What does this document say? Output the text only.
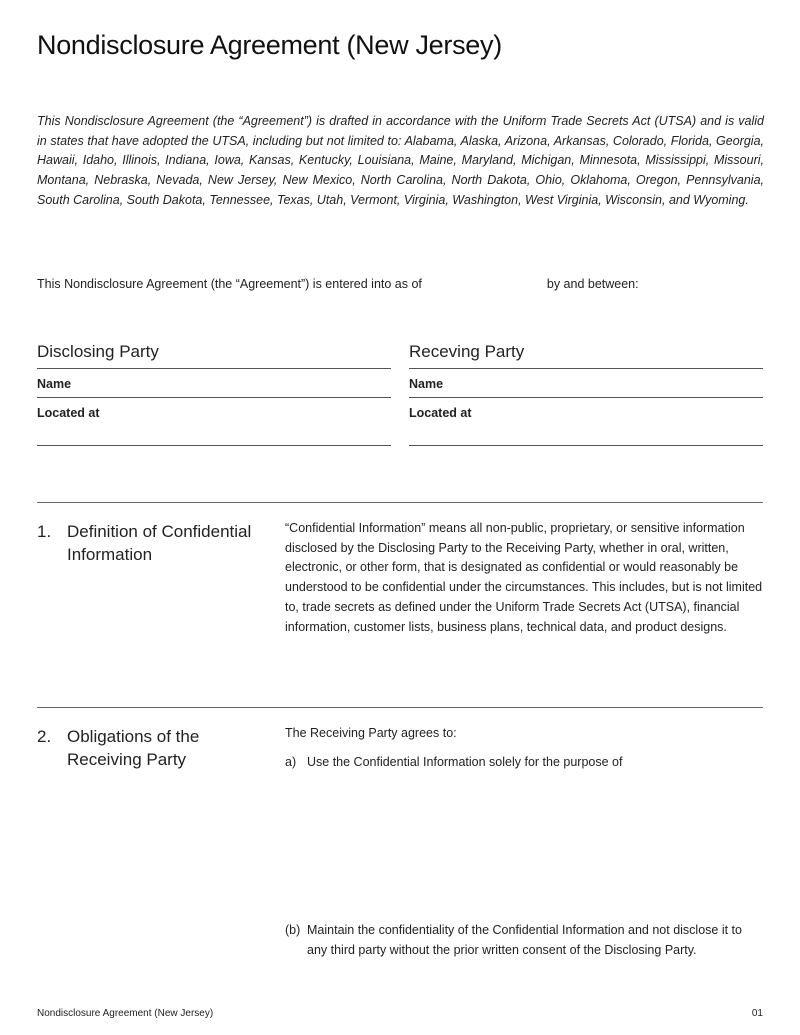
Nondisclosure Agreement (New Jersey)

This Nondisclosure Agreement (the “Agreement”) is drafted in accordance with the Uniform Trade Secrets Act (UTSA) and is valid in states that have adopted the UTSA, including but not limited to: Alabama, Alaska, Arizona, Arkansas, Colorado, Florida, Georgia, Hawaii, Idaho, Illinois, Indiana, Iowa, Kansas, Kentucky, Louisiana, Maine, Maryland, Michigan, Minnesota, Mississippi, Missouri, Montana, Nebraska, Nevada, New Jersey, New Mexico, North Carolina, North Dakota, Ohio, Oklahoma, Oregon, Pennsylvania, South Carolina, South Dakota, Tennessee, Texas, Utah, Vermont, Virginia, Washington, West Virginia, Wisconsin, and Wyoming.

This Nondisclosure Agreement (the “Agreement”) is entered into as of	by and between:
Disclosing Party
Name
Located at
Receving Party
Name
Located at
1. Definition of Confidential Information
“Confidential Information” means all non-public, proprietary, or sensitive information disclosed by the Disclosing Party to the Receiving Party, whether in oral, written, electronic, or other form, that is designated as confidential or would reasonably be understood to be confidential under the circumstances. This includes, but is not limited to, trade secrets as defined under the Uniform Trade Secrets Act (UTSA), financial information, customer lists, business plans, technical data, and product designs.
2. Obligations of the Receiving Party
The Receiving Party agrees to:
a) Use the Confidential Information solely for the purpose of
(b) Maintain the confidentiality of the Confidential Information and not disclose it to any third party without the prior written consent of the Disclosing Party.
Nondisclosure Agreement (New Jersey)	01
